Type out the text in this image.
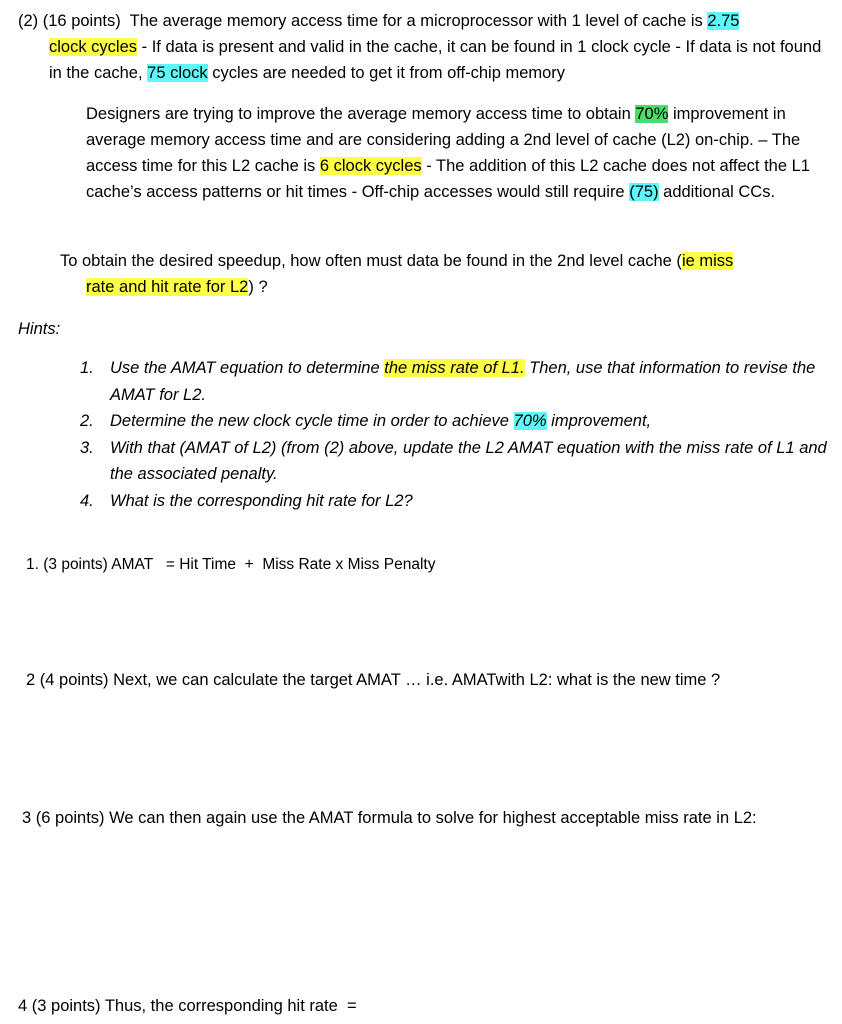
(2) (16 points) The average memory access time for a microprocessor with 1 level of cache is 2.75
clock cycles - If data is present and valid in the cache, it can be found in 1 clock cycle - If data is not found in the cache, 75 clock cycles are needed to get it from off-chip memory
Designers are trying to improve the average memory access time to obtain 70% improvement in average memory access time and are considering adding a 2nd level of cache (L2) on-chip. – The access time for this L2 cache is 6 clock cycles - The addition of this L2 cache does not affect the L1 cache’s access patterns or hit times - Off-chip accesses would still require (75) additional CCs.
To obtain the desired speedup, how often must data be found in the 2nd level cache (ie miss
rate and hit rate for L2) ?
Hints:
1. Use the AMAT equation to determine the miss rate of L1. Then, use that information to revise the AMAT for L2.
2. Determine the new clock cycle time in order to achieve 70% improvement,
3. With that (AMAT of L2) (from (2) above, update the L2 AMAT equation with the miss rate of L1 and the associated penalty.
4. What is the corresponding hit rate for L2?
1. (3 points) AMAT   = Hit Time  +  Miss Rate x Miss Penalty
2 (4 points) Next, we can calculate the target AMAT … i.e. AMATwith L2: what is the new time ?
3 (6 points) We can then again use the AMAT formula to solve for highest acceptable miss rate in L2:
4 (3 points) Thus, the corresponding hit rate  =
